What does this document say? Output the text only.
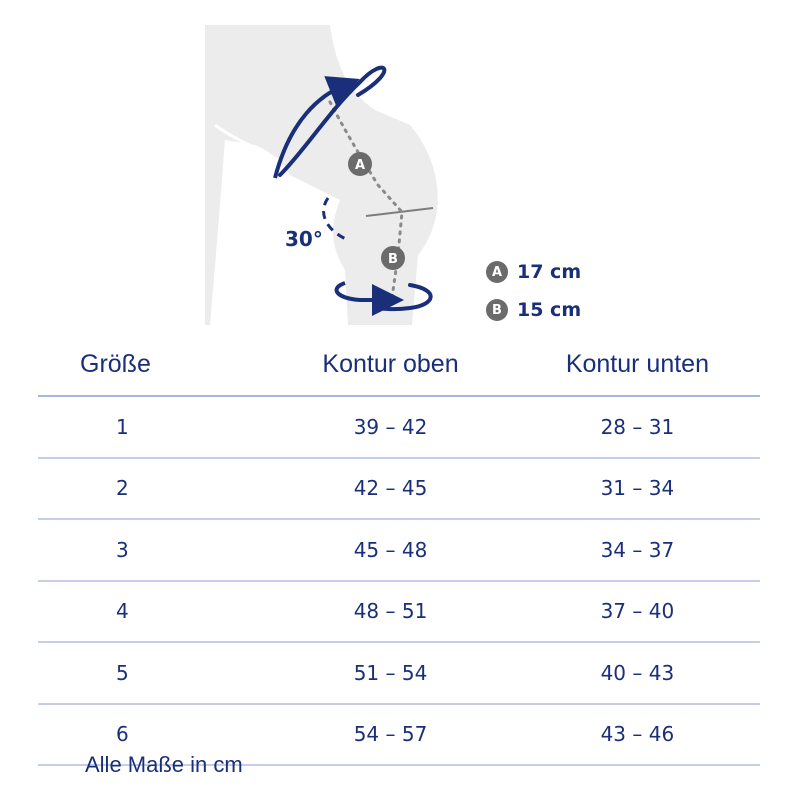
A
B
30°
A 17 cm
B 15 cm
Größe	Kontur oben	Kontur unten
1	39 – 42	28 – 31
2	42 – 45	31 – 34
3	45 – 48	34 – 37
4	48 – 51	37 – 40
5	51 – 54	40 – 43
6	54 – 57	43 – 46
Alle Maße in cm
